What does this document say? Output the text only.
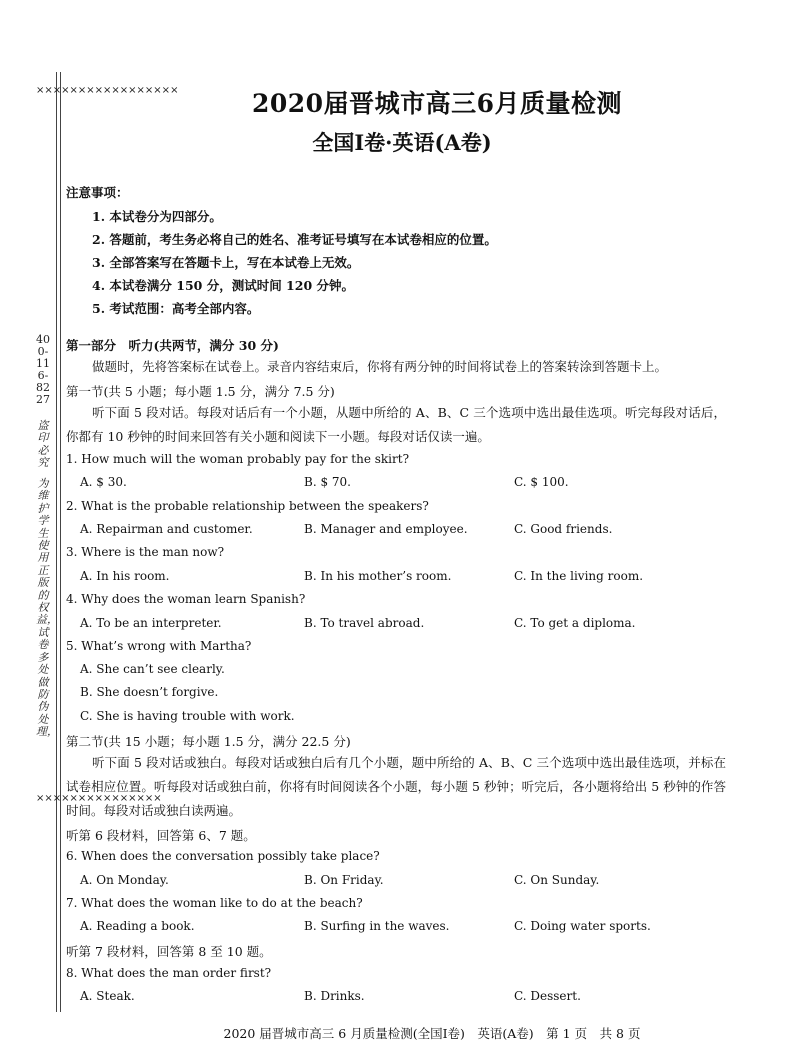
×××××××××××××××××
400-116-8227
盗印必究
为维护学生使用正版的权益，试卷多处做防伪处理，
×××××××××××××××
2020届晋城市高三6月质量检测
全国Ⅰ卷·英语(A卷)
注意事项：
1. 本试卷分为四部分。
2. 答题前，考生务必将自己的姓名、准考证号填写在本试卷相应的位置。
3. 全部答案写在答题卡上，写在本试卷上无效。
4. 本试卷满分 150 分，测试时间 120 分钟。
5. 考试范围：高考全部内容。
第一部分　听力(共两节，满分 30 分)
做题时，先将答案标在试卷上。录音内容结束后，你将有两分钟的时间将试卷上的答案转涂到答题卡上。
第一节(共 5 小题；每小题 1.5 分，满分 7.5 分)
听下面 5 段对话。每段对话后有一个小题，从题中所给的 A、B、C 三个选项中选出最佳选项。听完每段对话后，你都有 10 秒钟的时间来回答有关小题和阅读下一小题。每段对话仅读一遍。
1. How much will the woman probably pay for the skirt?
A. $ 30.	B. $ 70.	C. $ 100.
2. What is the probable relationship between the speakers?
A. Repairman and customer.	B. Manager and employee.	C. Good friends.
3. Where is the man now?
A. In his room.	B. In his mother’s room.	C. In the living room.
4. Why does the woman learn Spanish?
A. To be an interpreter.	B. To travel abroad.	C. To get a diploma.
5. What’s wrong with Martha?
A. She can’t see clearly.
B. She doesn’t forgive.
C. She is having trouble with work.
第二节(共 15 小题；每小题 1.5 分，满分 22.5 分)
听下面 5 段对话或独白。每段对话或独白后有几个小题，题中所给的 A、B、C 三个选项中选出最佳选项，并标在试卷相应位置。听每段对话或独白前，你将有时间阅读各个小题，每小题 5 秒钟；听完后，各小题将给出 5 秒钟的作答时间。每段对话或独白读两遍。
听第 6 段材料，回答第 6、7 题。
6. When does the conversation possibly take place?
A. On Monday.	B. On Friday.	C. On Sunday.
7. What does the woman like to do at the beach?
A. Reading a book.	B. Surfing in the waves.	C. Doing water sports.
听第 7 段材料，回答第 8 至 10 题。
8. What does the man order first?
A. Steak.	B. Drinks.	C. Dessert.
2020 届晋城市高三 6 月质量检测(全国Ⅰ卷)　英语(A卷)　第 1 页　共 8 页
